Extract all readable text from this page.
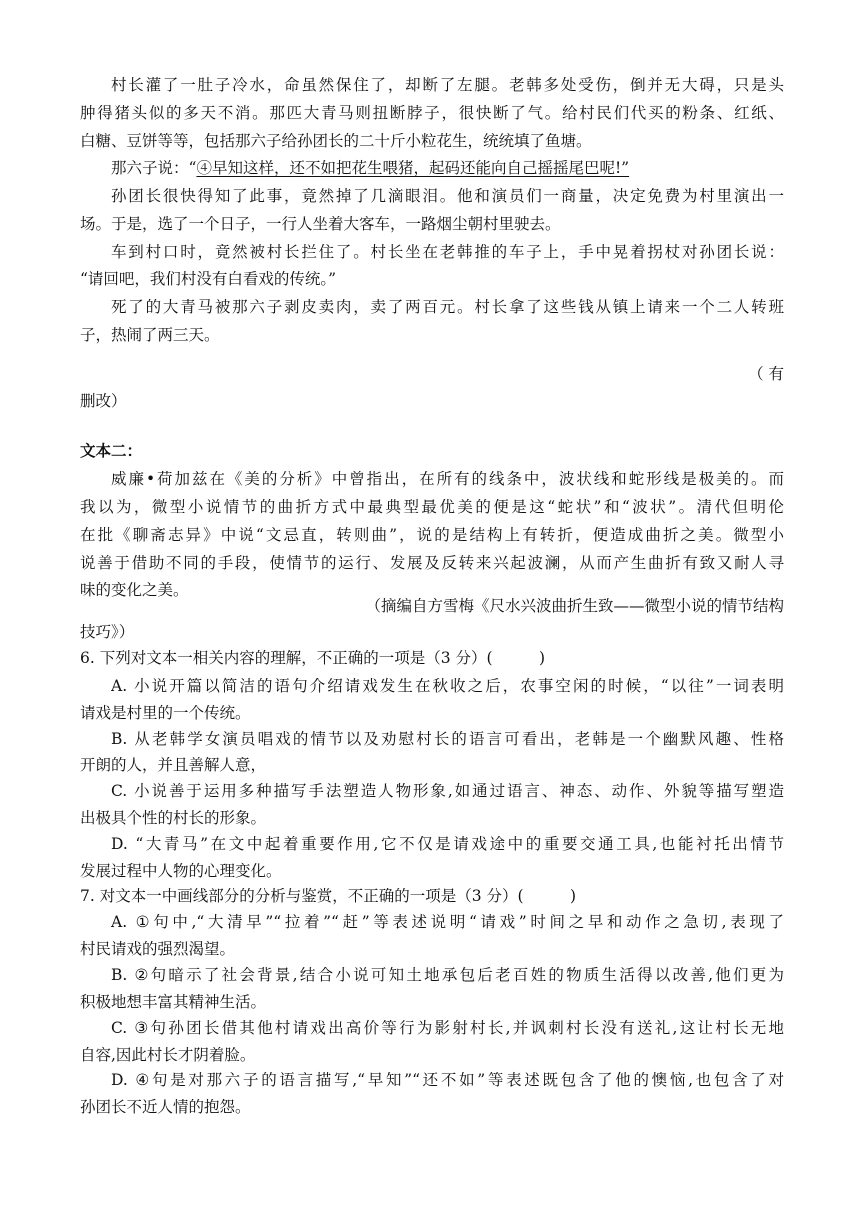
村长灌了一肚子冷水，命虽然保住了，却断了左腿。老韩多处受伤，倒并无大碍，只是头
肿得猪头似的多天不消。那匹大青马则扭断脖子，很快断了气。给村民们代买的粉条、红纸、
白糖、豆饼等等，包括那六子给孙团长的二十斤小粒花生，统统填了鱼塘。
那六子说：“④早知这样，还不如把花生喂猪，起码还能向自己摇摇尾巴呢!”
孙团长很快得知了此事，竟然掉了几滴眼泪。他和演员们一商量，决定免费为村里演出一
场。于是，选了一个日子，一行人坐着大客车，一路烟尘朝村里驶去。
车到村口时，竟然被村长拦住了。村长坐在老韩推的车子上，手中晃着拐杖对孙团长说：
“请回吧，我们村没有白看戏的传统。”
死了的大青马被那六子剥皮卖肉，卖了两百元。村长拿了这些钱从镇上请来一个二人转班
子，热闹了两三天。
（ 有
删改）
文本二：
威廉•荷加兹在《美的分析》中曾指出，在所有的线条中，波状线和蛇形线是极美的。而
我以为，微型小说情节的曲折方式中最典型最优美的便是这“蛇状”和“波状”。清代但明伦
在批《聊斋志异》中说“文忌直，转则曲”，说的是结构上有转折，便造成曲折之美。微型小
说善于借助不同的手段，使情节的运行、发展及反转来兴起波澜，从而产生曲折有致又耐人寻
味的变化之美。
（摘编自方雪梅《尺水兴波曲折生致——微型小说的情节结构
技巧》）
6. 下列对文本一相关内容的理解，不正确的一项是（3 分）(　　　)
A. 小说开篇以简洁的语句介绍请戏发生在秋收之后，农事空闲的时候，“以往”一词表明
请戏是村里的一个传统。
B. 从老韩学女演员唱戏的情节以及劝慰村长的语言可看出，老韩是一个幽默风趣、性格
开朗的人，并且善解人意，
C. 小说善于运用多种描写手法塑造人物形象,如通过语言、神态、动作、外貌等描写塑造
出极具个性的村长的形象。
D. “大青马”在文中起着重要作用,它不仅是请戏途中的重要交通工具,也能衬托出情节
发展过程中人物的心理变化。
7. 对文本一中画线部分的分析与鉴赏，不正确的一项是（3 分）(　　　)
A. ①句中,“大清早”“拉着”“赶”等表述说明“请戏”时间之早和动作之急切,表现了
村民请戏的强烈渴望。
B. ②句暗示了社会背景,结合小说可知土地承包后老百姓的物质生活得以改善,他们更为
积极地想丰富其精神生活。
C. ③句孙团长借其他村请戏出高价等行为影射村长,并讽刺村长没有送礼,这让村长无地
自容,因此村长才阴着脸。
D. ④句是对那六子的语言描写,“早知”“还不如”等表述既包含了他的懊恼,也包含了对
孙团长不近人情的抱怨。
